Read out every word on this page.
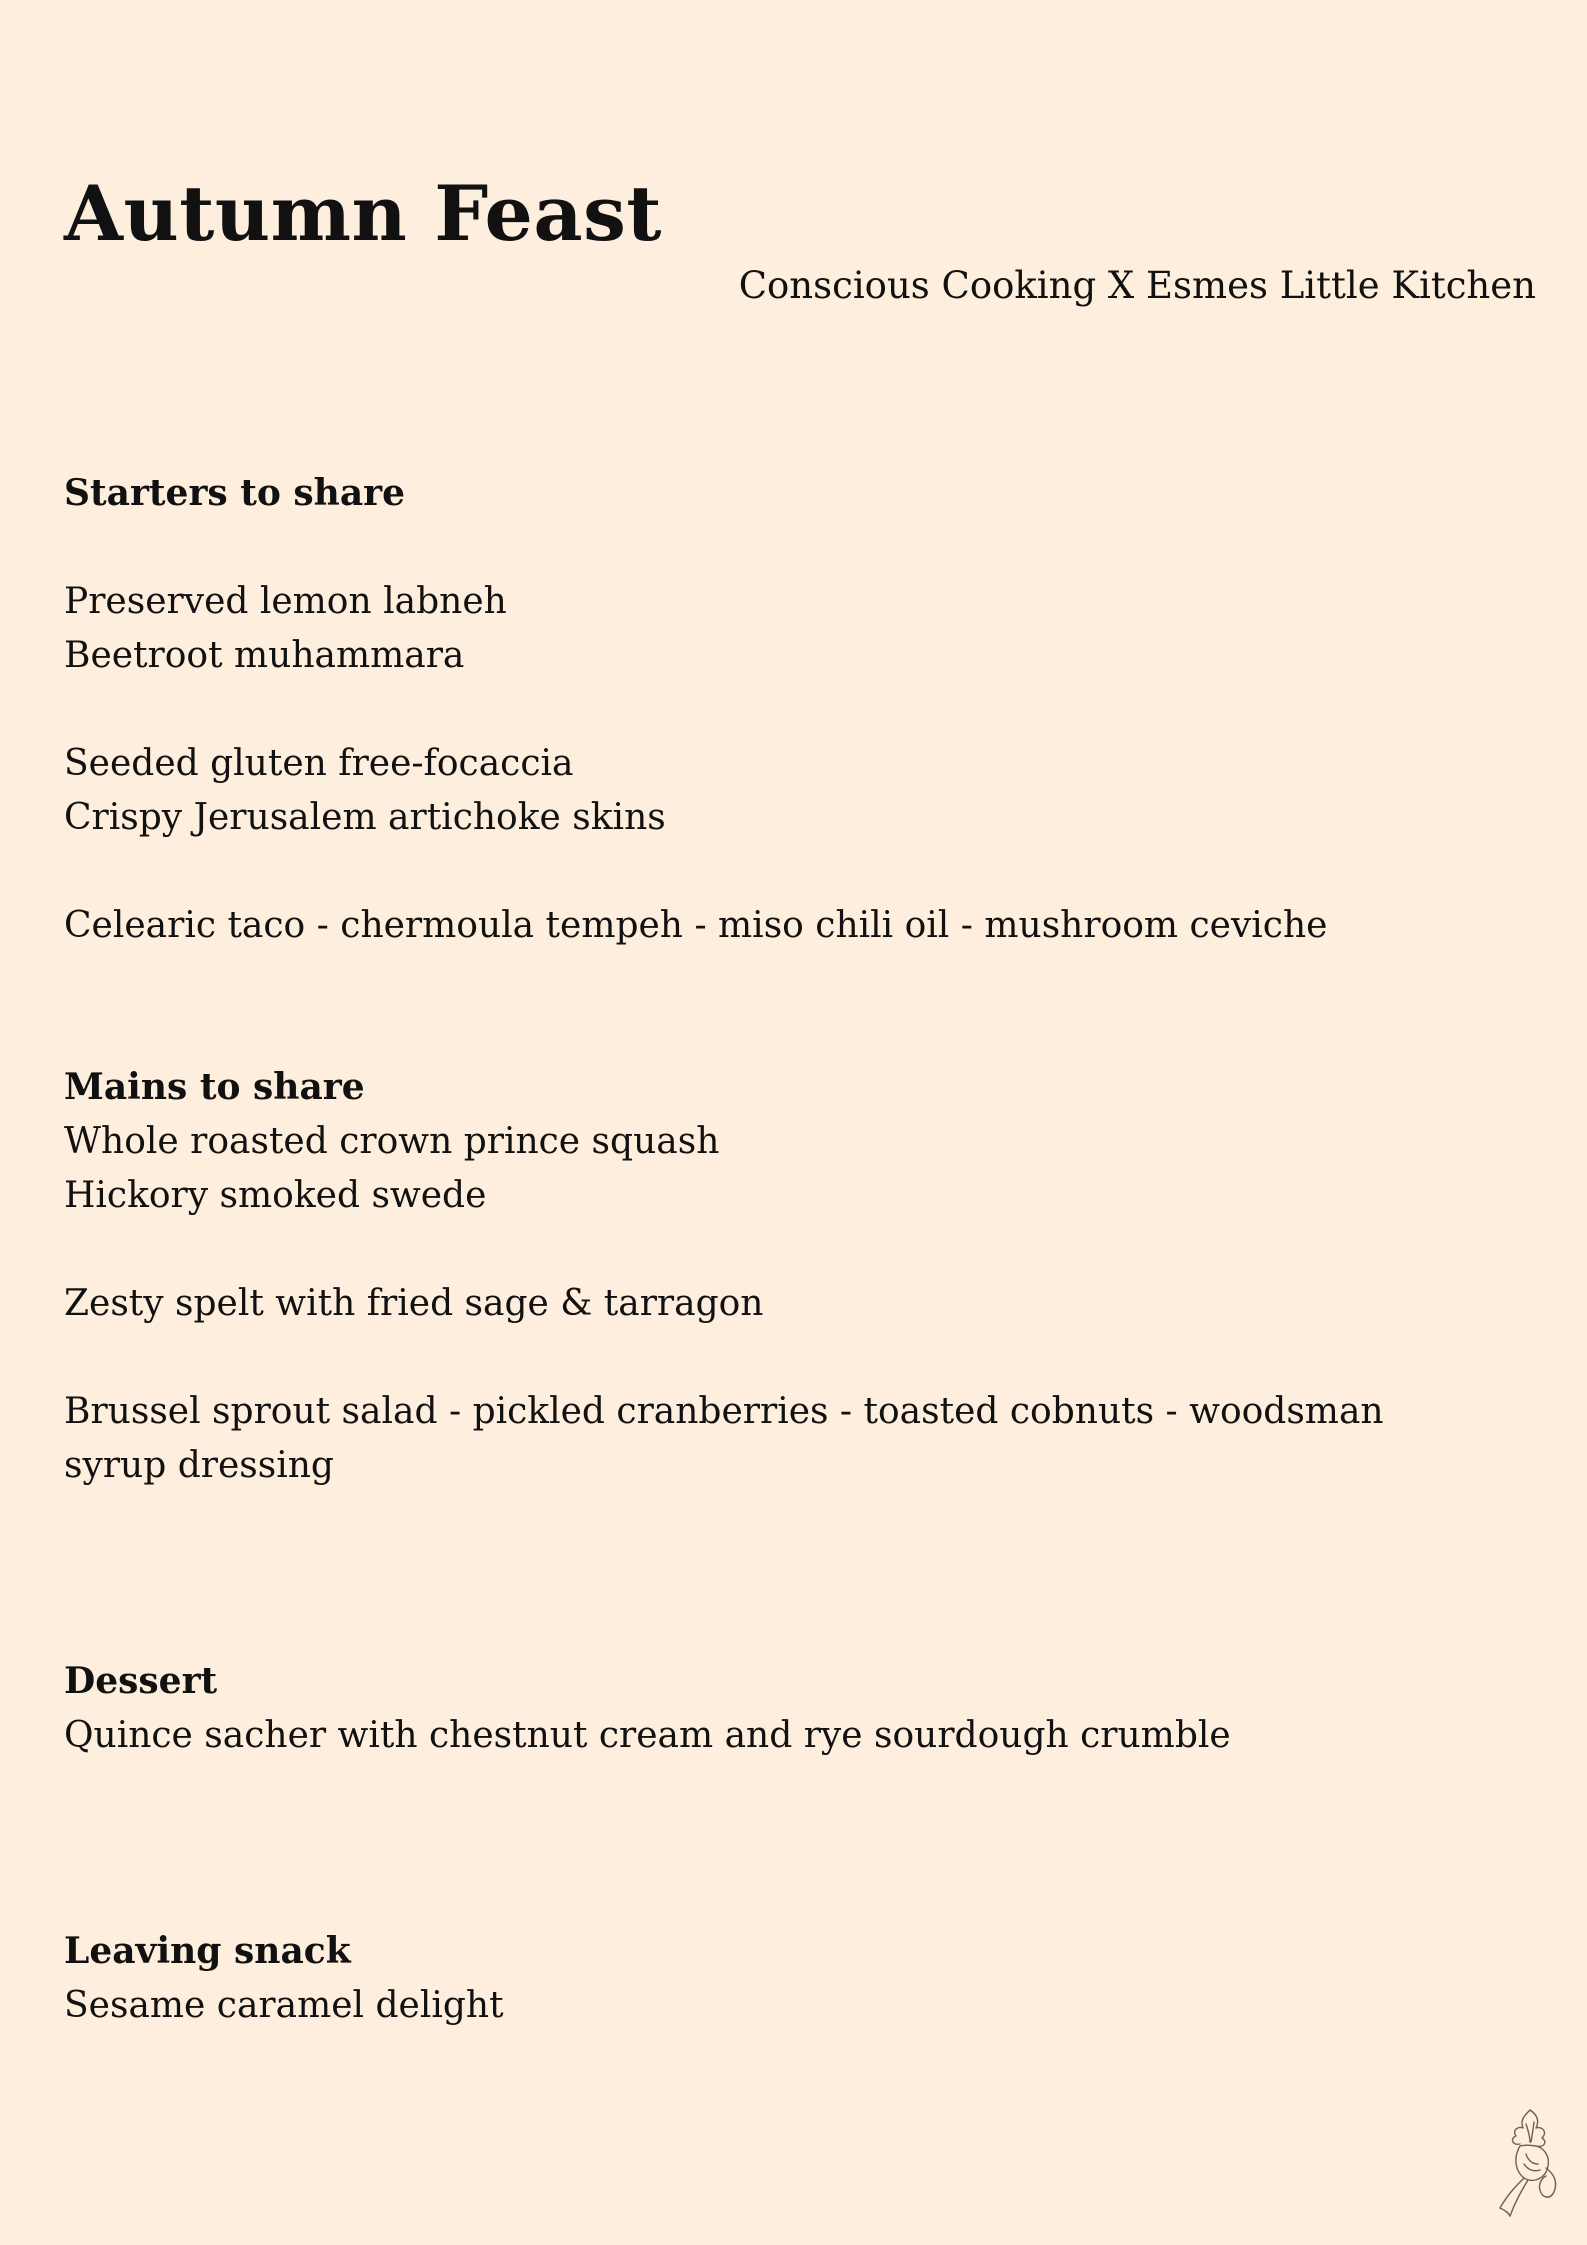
Autumn Feast
Conscious Cooking X Esmes Little Kitchen
Starters to share
Preserved lemon labneh
Beetroot muhammara
Seeded gluten free-focaccia
Crispy Jerusalem artichoke skins
Celearic taco - chermoula tempeh - miso chili oil - mushroom ceviche
Mains to share
Whole roasted crown prince squash
Hickory smoked swede
Zesty spelt with fried sage & tarragon
Brussel sprout salad - pickled cranberries - toasted cobnuts - woodsman
syrup dressing
Dessert
Quince sacher with chestnut cream and rye sourdough crumble
Leaving snack
Sesame caramel delight
